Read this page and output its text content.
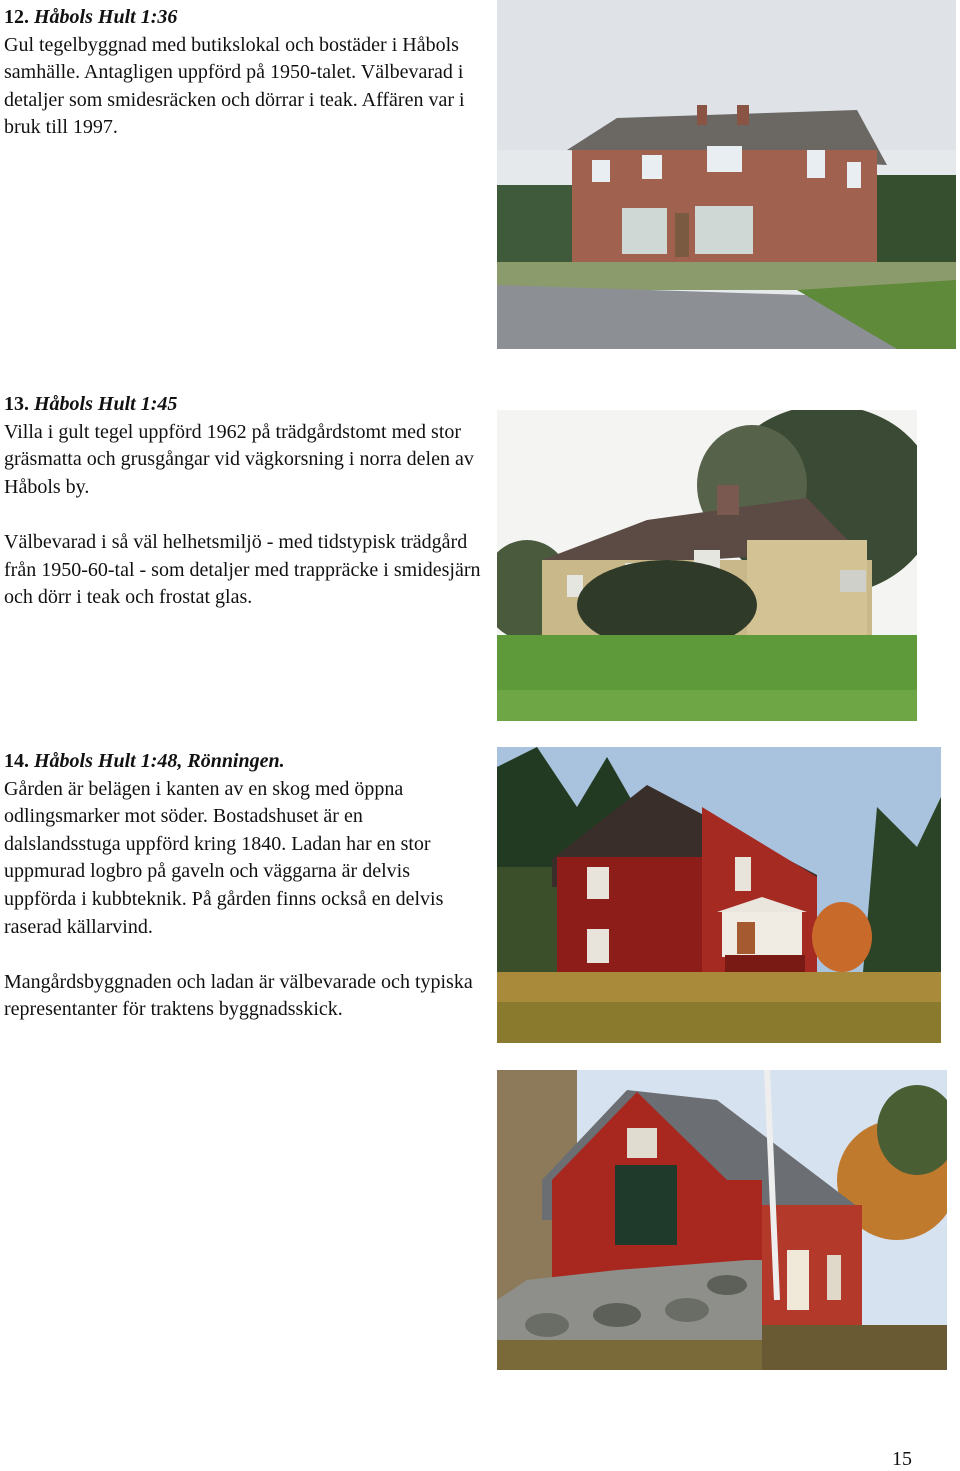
12. Håbols Hult 1:36

Gul tegelbyggnad med butikslokal och bostäder i Håbols samhälle. Antagligen uppförd på 1950-talet. Välbevarad i detaljer som smidesräcken och dörrar i teak. Affären var i bruk till 1997.

13. Håbols Hult 1:45

Villa i gult tegel uppförd 1962 på trädgårdstomt med stor gräsmatta och grusgångar vid vägkorsning i norra delen av Håbols by.

Välbevarad i så väl helhetsmiljö - med tidstypisk trädgård från 1950-60-tal - som detaljer med trappräcke i smidesjärn och dörr i teak och frostat glas.

14. Håbols Hult 1:48, Rönningen.

Gården är belägen i kanten av en skog med öppna odlingsmarker mot söder. Bostadshuset är en dalslandsstuga uppförd kring 1840. Ladan har en stor uppmurad logbro på gaveln och väggarna är delvis uppförda i kubbteknik. På gården finns också en delvis raserad källarvind.

Mangårdsbyggnaden och ladan är välbevarade och typiska representanter för traktens byggnadsskick.

15
